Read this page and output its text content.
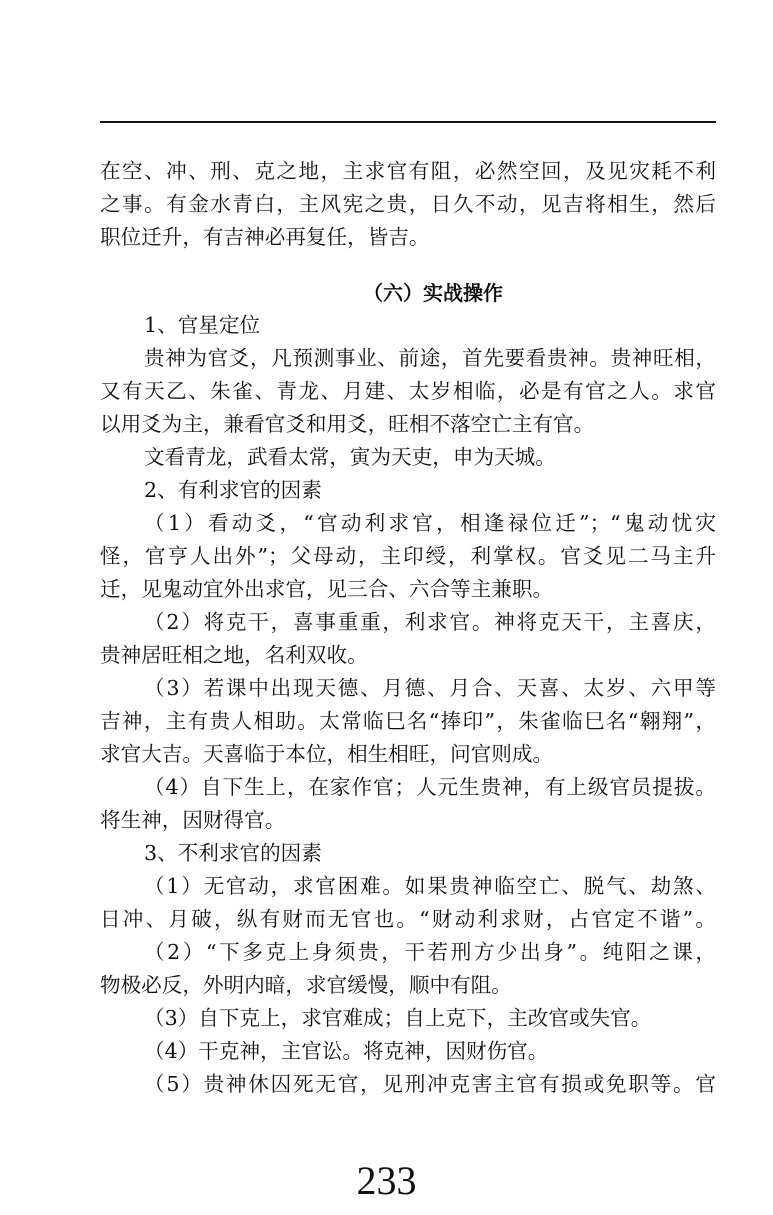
在空、冲、刑、克之地，主求官有阻，必然空回，及见灾耗不利
之事。有金水青白，主风宪之贵，日久不动，见吉将相生，然后
职位迁升，有吉神必再复任，皆吉。
（六）实战操作
1、官星定位
贵神为官爻，凡预测事业、前途，首先要看贵神。贵神旺相，
又有天乙、朱雀、青龙、月建、太岁相临，必是有官之人。求官
以用爻为主，兼看官爻和用爻，旺相不落空亡主有官。
文看青龙，武看太常，寅为天吏，申为天城。
2、有利求官的因素
（1）看动爻，“官动利求官，相逢禄位迁”；“鬼动忧灾
怪，官亨人出外”；父母动，主印绶，利掌权。官爻见二马主升
迁，见鬼动宜外出求官，见三合、六合等主兼职。
（2）将克干，喜事重重，利求官。神将克天干，主喜庆，
贵神居旺相之地，名利双收。
（3）若课中出现天德、月德、月合、天喜、太岁、六甲等
吉神，主有贵人相助。太常临巳名“捧印”，朱雀临巳名“翱翔”，
求官大吉。天喜临于本位，相生相旺，问官则成。
（4）自下生上，在家作官；人元生贵神，有上级官员提拔。
将生神，因财得官。
3、不利求官的因素
（1）无官动，求官困难。如果贵神临空亡、脱气、劫煞、
日冲、月破，纵有财而无官也。“财动利求财，占官定不谐”。
（2）“下多克上身须贵，干若刑方少出身”。纯阳之课，
物极必反，外明内暗，求官缓慢，顺中有阻。
（3）自下克上，求官难成；自上克下，主改官或失官。
（4）干克神，主官讼。将克神，因财伤官。
（5）贵神休囚死无官，见刑冲克害主官有损或免职等。官
233
